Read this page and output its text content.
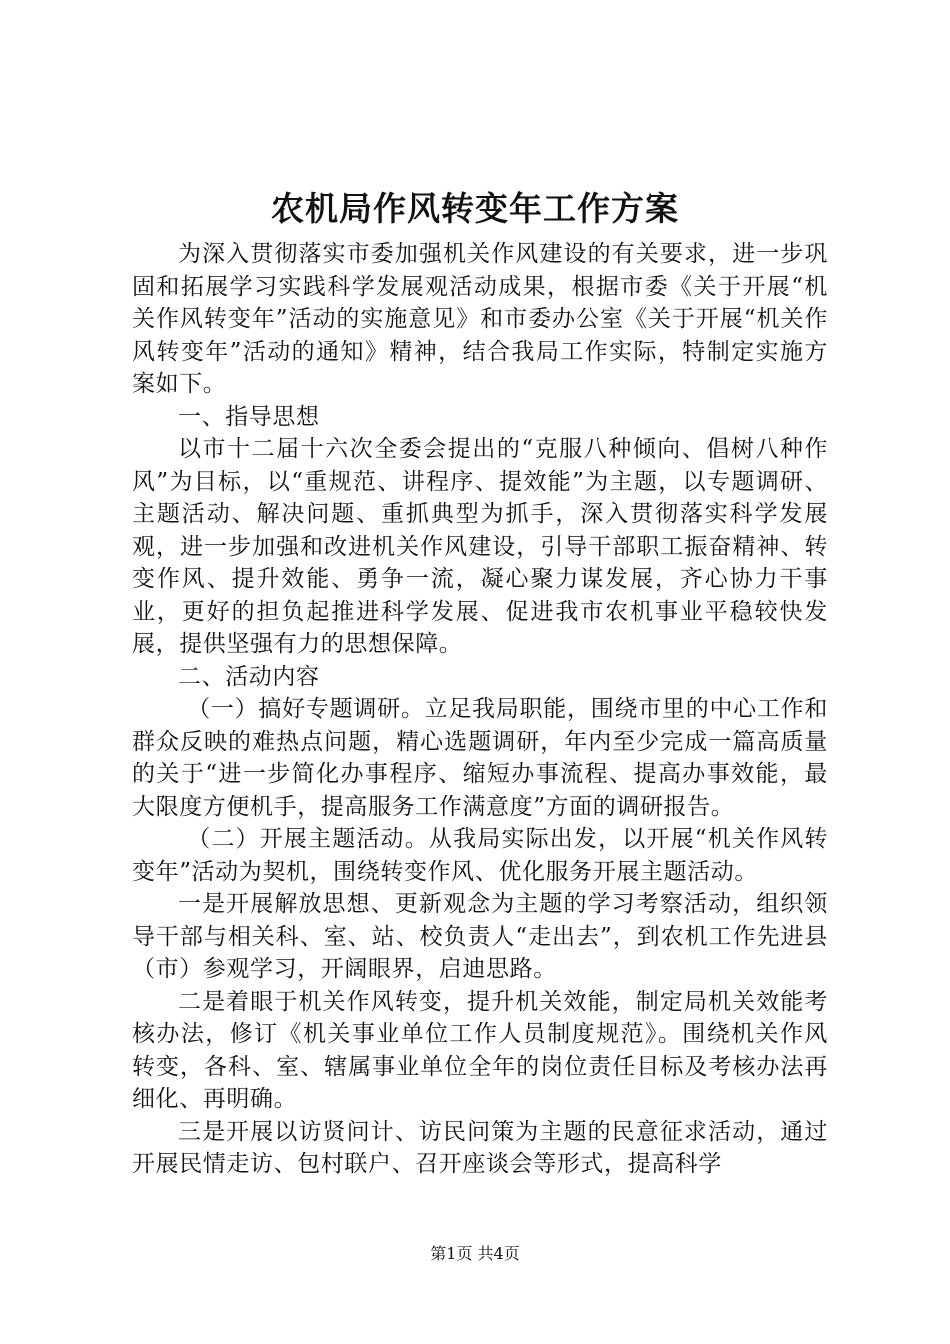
农机局作风转变年工作方案

为深入贯彻落实市委加强机关作风建设的有关要求，进一步巩固和拓展学习实践科学发展观活动成果，根据市委《关于开展“机关作风转变年”活动的实施意见》和市委办公室《关于开展“机关作风转变年”活动的通知》精神，结合我局工作实际，特制定实施方案如下。

一、指导思想

以市十二届十六次全委会提出的“克服八种倾向、倡树八种作风”为目标，以“重规范、讲程序、提效能”为主题，以专题调研、主题活动、解决问题、重抓典型为抓手，深入贯彻落实科学发展观，进一步加强和改进机关作风建设，引导干部职工振奋精神、转变作风、提升效能、勇争一流，凝心聚力谋发展，齐心协力干事业，更好的担负起推进科学发展、促进我市农机事业平稳较快发展，提供坚强有力的思想保障。

二、活动内容

（一）搞好专题调研。立足我局职能，围绕市里的中心工作和群众反映的难热点问题，精心选题调研，年内至少完成一篇高质量的关于“进一步简化办事程序、缩短办事流程、提高办事效能，最大限度方便机手，提高服务工作满意度”方面的调研报告。

（二）开展主题活动。从我局实际出发，以开展“机关作风转变年”活动为契机，围绕转变作风、优化服务开展主题活动。

一是开展解放思想、更新观念为主题的学习考察活动，组织领导干部与相关科、室、站、校负责人“走出去”，到农机工作先进县（市）参观学习，开阔眼界，启迪思路。

二是着眼于机关作风转变，提升机关效能，制定局机关效能考核办法，修订《机关事业单位工作人员制度规范》。围绕机关作风转变，各科、室、辖属事业单位全年的岗位责任目标及考核办法再细化、再明确。

三是开展以访贤问计、访民问策为主题的民意征求活动，通过开展民情走访、包村联户、召开座谈会等形式，提高科学

第1页 共4页
